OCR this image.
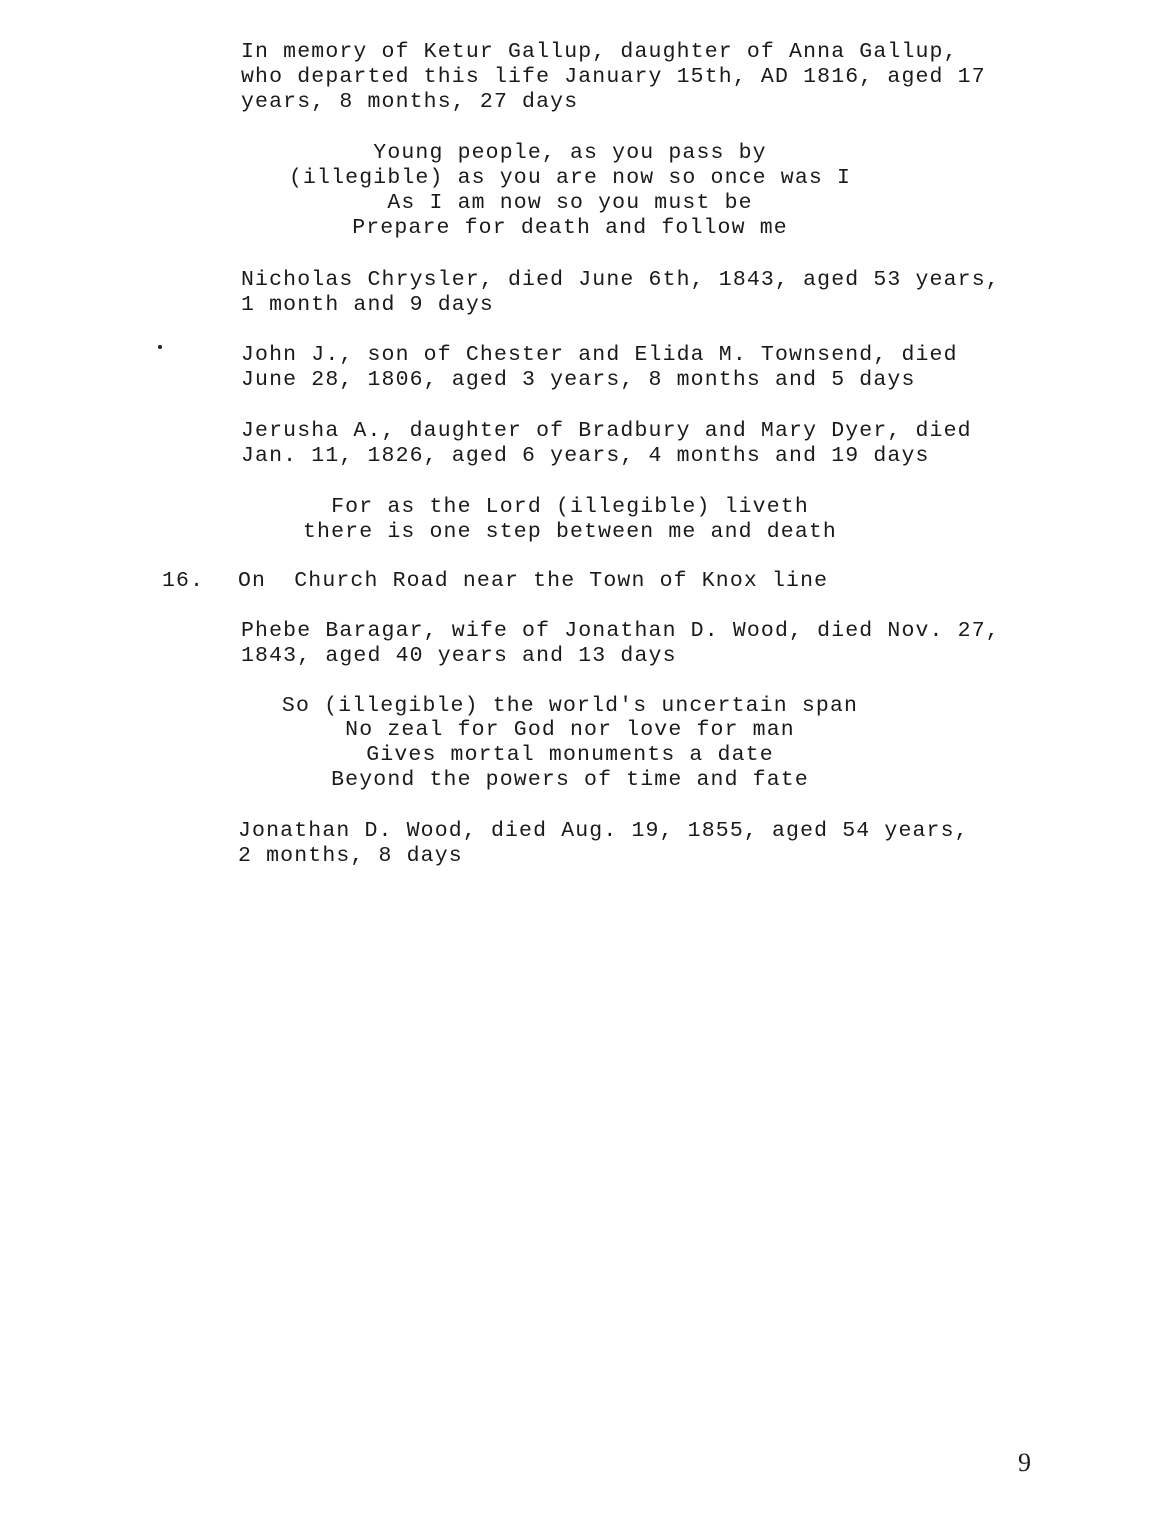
In memory of Ketur Gallup, daughter of Anna Gallup,
who departed this life January 15th, AD 1816, aged 17
years, 8 months, 27 days
Young people, as you pass by
(illegible) as you are now so once was I
As I am now so you must be
Prepare for death and follow me
Nicholas Chrysler, died June 6th, 1843, aged 53 years,
1 month and 9 days
John J., son of Chester and Elida M. Townsend, died
June 28, 1806, aged 3 years, 8 months and 5 days
Jerusha A., daughter of Bradbury and Mary Dyer, died
Jan. 11, 1826, aged 6 years, 4 months and 19 days
For as the Lord (illegible) liveth
there is one step between me and death
16. On  Church Road near the Town of Knox line
Phebe Baragar, wife of Jonathan D. Wood, died Nov. 27,
1843, aged 40 years and 13 days
So (illegible) the world's uncertain span
No zeal for God nor love for man
Gives mortal monuments a date
Beyond the powers of time and fate
Jonathan D. Wood, died Aug. 19, 1855, aged 54 years,
2 months, 8 days
9
